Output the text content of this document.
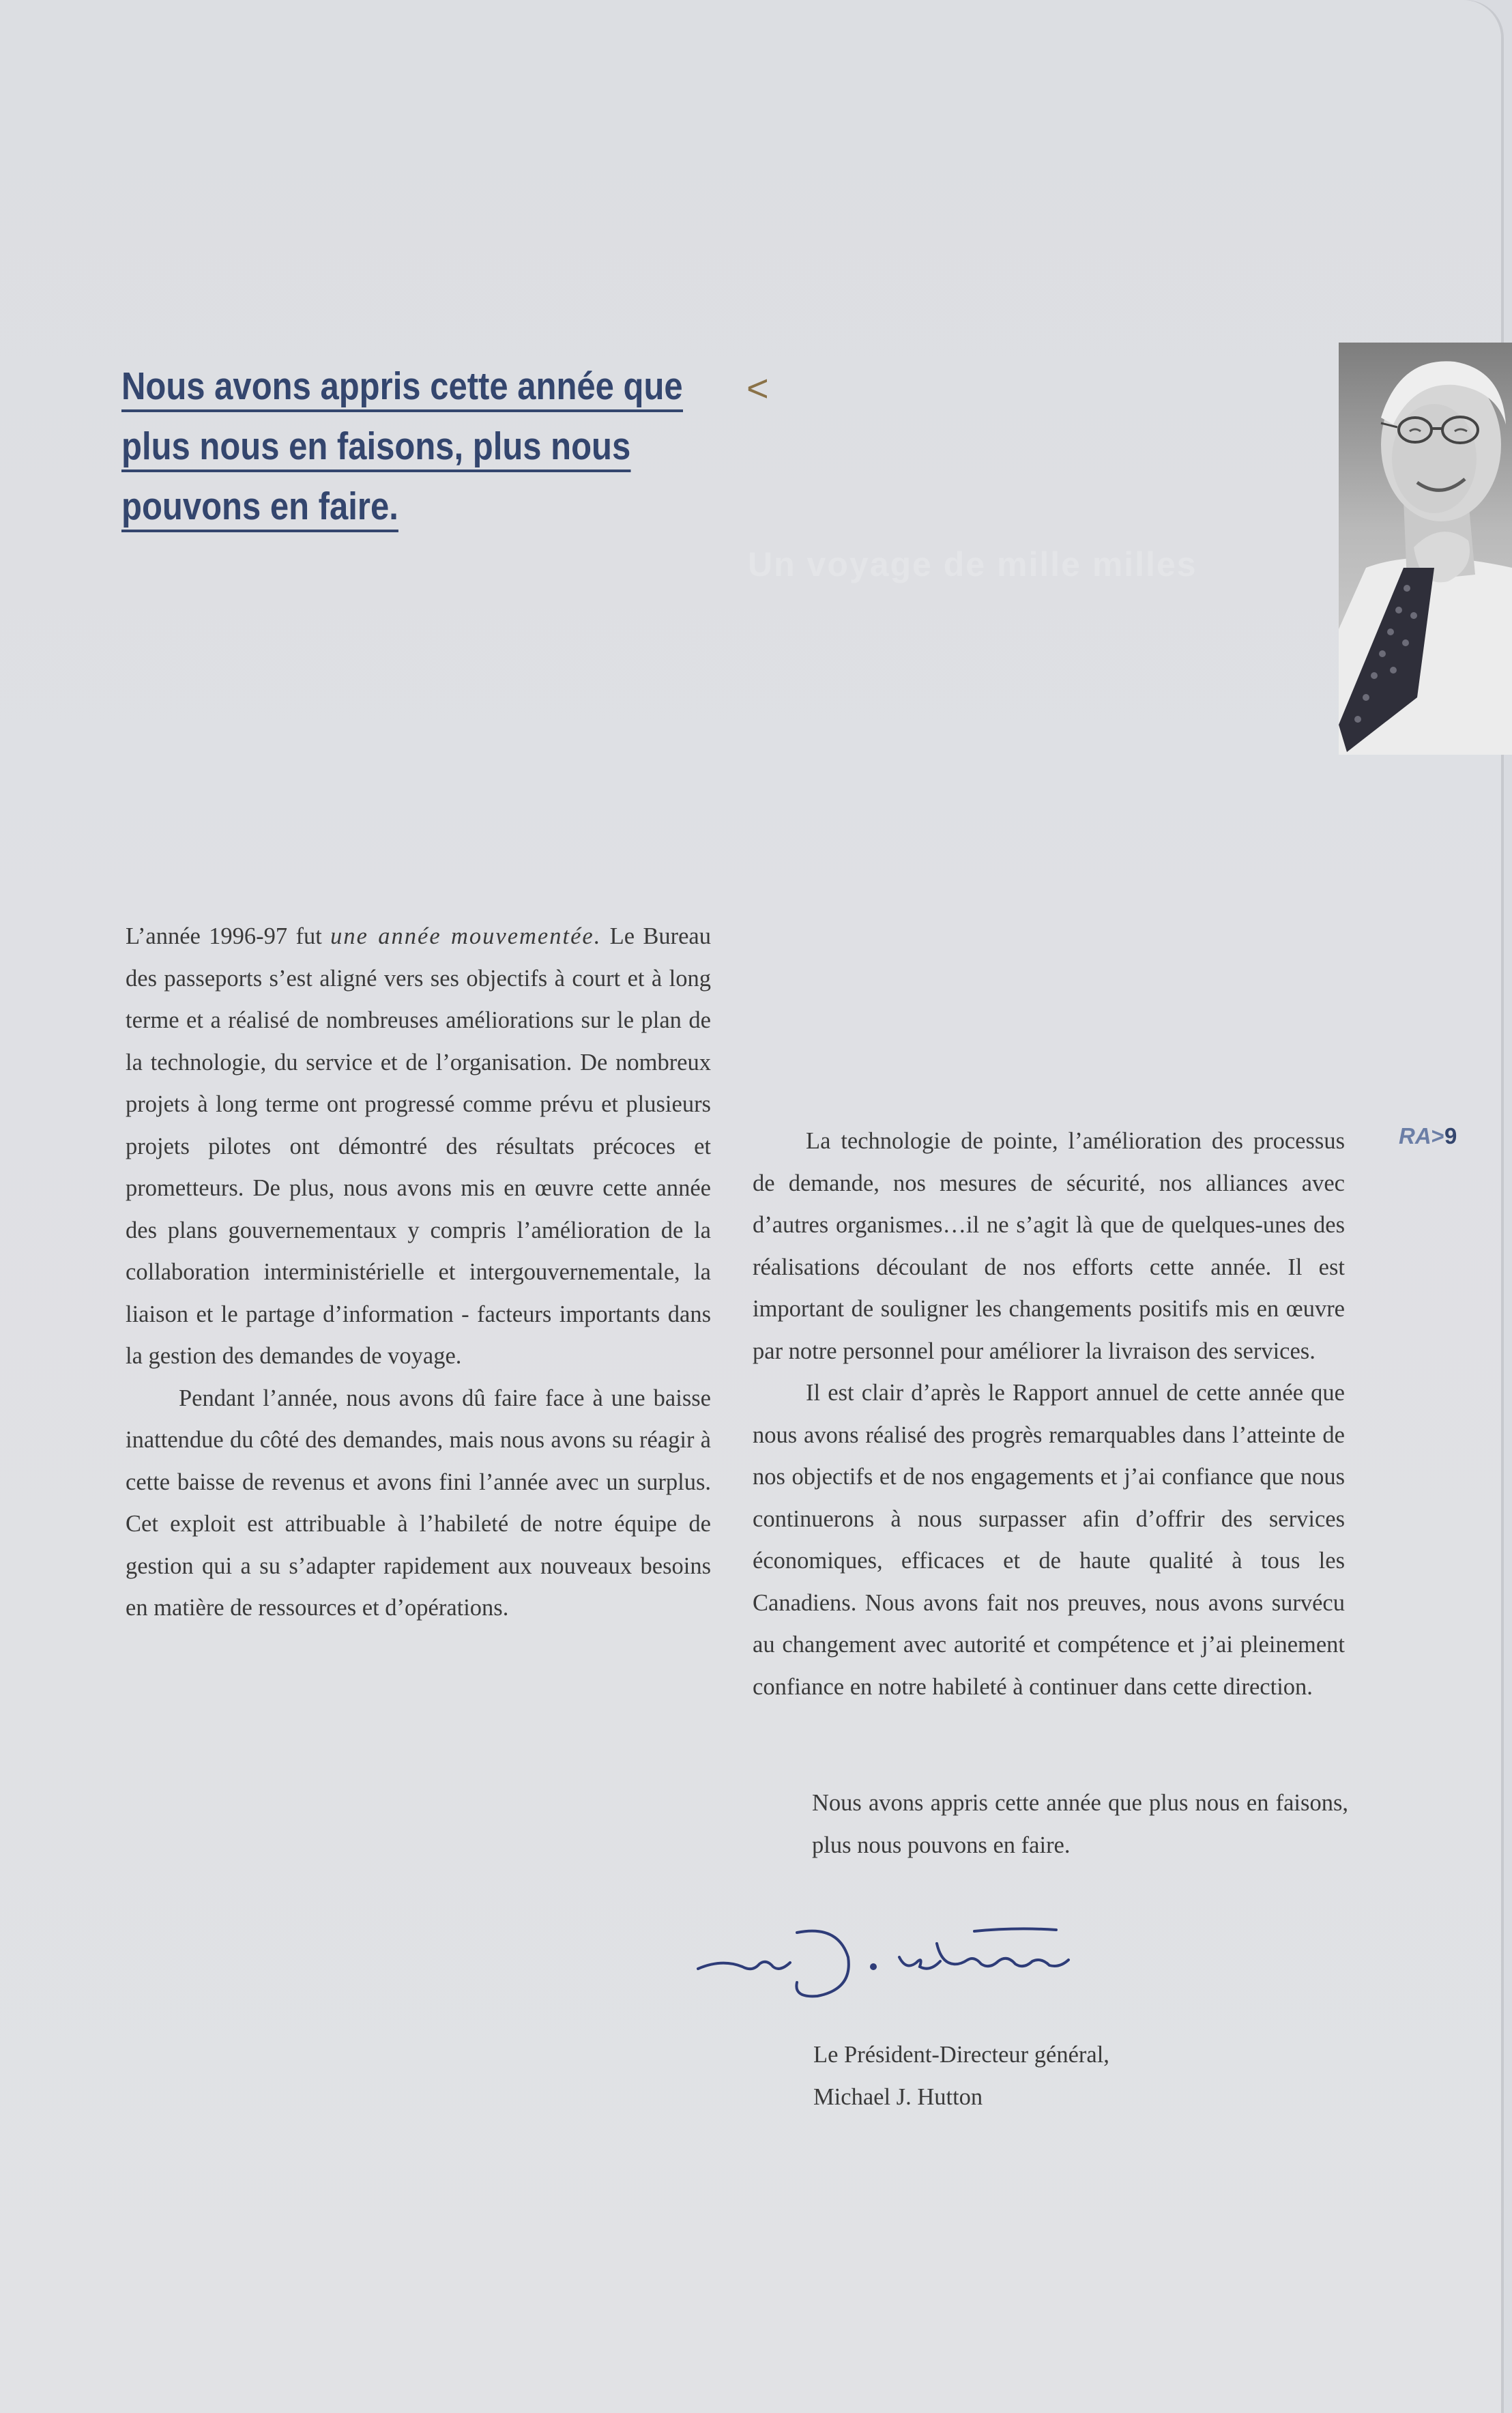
Nous avons appris cette année que
plus nous en faisons, plus nous
pouvons en faire.
<
Un voyage de mille milles

L’année 1996-97 fut une année mouvementée. Le Bureau des passeports s’est aligné vers ses objectifs à court et à long terme et a réalisé de nombreuses améliorations sur le plan de la technologie, du service et de l’organisation. De nombreux projets à long terme ont progressé comme prévu et plusieurs projets pilotes ont démontré des résultats précoces et prometteurs. De plus, nous avons mis en œuvre cette année des plans gouvernementaux y compris l’amélioration de la collaboration interministérielle et intergouvernementale, la liaison et le partage d’information - facteurs importants dans la gestion des demandes de voyage.

Pendant l’année, nous avons dû faire face à une baisse inattendue du côté des demandes, mais nous avons su réagir à cette baisse de revenus et avons fini l’année avec un surplus. Cet exploit est attribuable à l’habileté de notre équipe de gestion qui a su s’adapter rapidement aux nouveaux besoins en matière de ressources et d’opérations.

RA>9

La technologie de pointe, l’amélioration des processus de demande, nos mesures de sécurité, nos alliances avec d’autres organismes…il ne s’agit là que de quelques-unes des réalisations découlant de nos efforts cette année. Il est important de souligner les changements positifs mis en œuvre par notre personnel pour améliorer la livraison des services.

Il est clair d’après le Rapport annuel de cette année que nous avons réalisé des progrès remarquables dans l’atteinte de nos objectifs et de nos engagements et j’ai confiance que nous continuerons à nous surpasser afin d’offrir des services économiques, efficaces et de haute qualité à tous les Canadiens. Nous avons fait nos preuves, nous avons survécu au changement avec autorité et compétence et j’ai pleinement confiance en notre habileté à continuer dans cette direction.

Nous avons appris cette année que plus nous en faisons, plus nous pouvons en faire.

Le Président-Directeur général,
Michael J. Hutton
